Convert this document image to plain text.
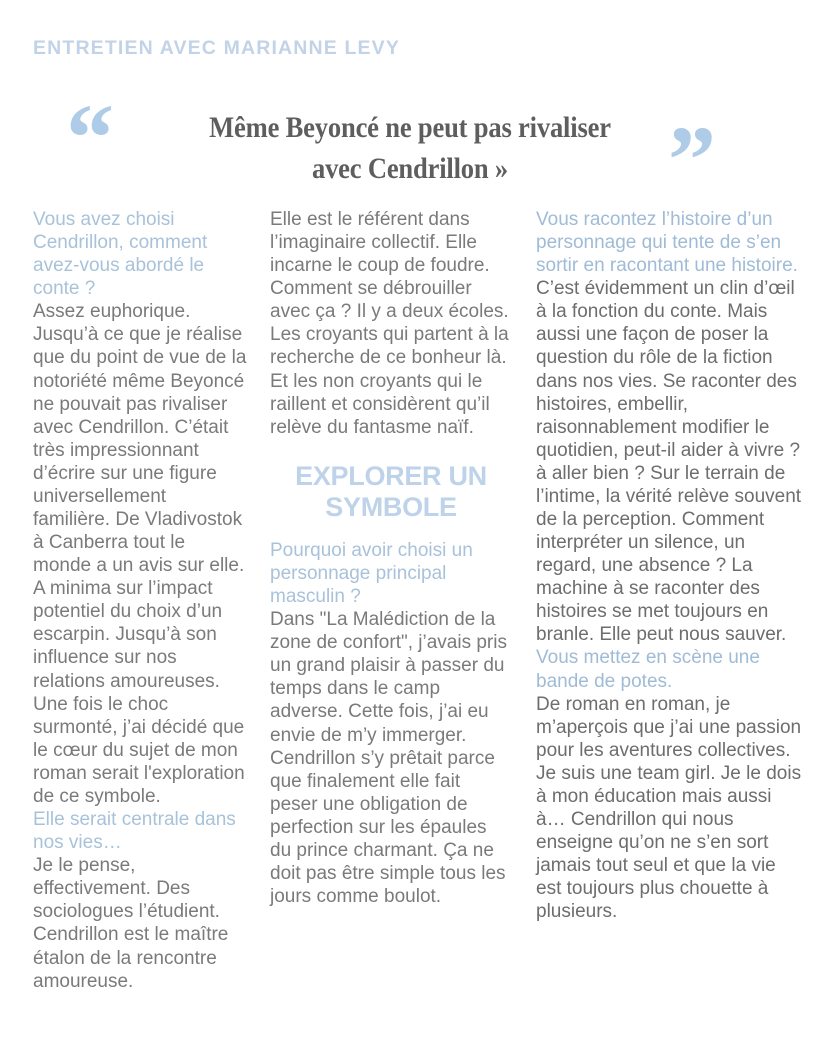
ENTRETIEN AVEC MARIANNE LEVY
“	Même Beyoncé ne peut pas rivaliser
avec Cendrillon »	”

Vous avez choisi Cendrillon, comment avez-vous abordé le conte ?

Assez euphorique. Jusqu’à ce que je réalise que du point de vue de la notoriété même Beyoncé ne pouvait pas rivaliser avec Cendrillon. C’était très impressionnant d’écrire sur une figure universellement familière. De Vladivostok à Canberra tout le monde a un avis sur elle. A minima sur l’impact potentiel du choix d’un escarpin. Jusqu’à son influence sur nos relations amoureuses. Une fois le choc surmonté, j’ai décidé que le cœur du sujet de mon roman serait l'exploration de ce symbole.

Elle serait centrale dans nos vies…

Je le pense, effectivement. Des sociologues l’étudient. Cendrillon est le maître étalon de la rencontre amoureuse.

Elle est le référent dans l’imaginaire collectif. Elle incarne le coup de foudre. Comment se débrouiller avec ça ? Il y a deux écoles. Les croyants qui partent à la recherche de ce bonheur là. Et les non croyants qui le raillent et considèrent qu’il relève du fantasme naïf.

EXPLORER UN SYMBOLE

Pourquoi avoir choisi un personnage principal masculin ?

Dans "La Malédiction de la zone de confort", j’avais pris un grand plaisir à passer du temps dans le camp adverse. Cette fois, j’ai eu envie de m’y immerger. Cendrillon s’y prêtait parce que finalement elle fait peser une obligation de perfection sur les épaules du prince charmant. Ça ne doit pas être simple tous les jours comme boulot.

Vous racontez l’histoire d’un personnage qui tente de s’en sortir en racontant une histoire.

C’est évidemment un clin d’œil à la fonction du conte. Mais aussi une façon de poser la question du rôle de la fiction dans nos vies. Se raconter des histoires, embellir, raisonnablement modifier le quotidien, peut-il aider à vivre ? à aller bien ? Sur le terrain de l’intime, la vérité relève souvent de la perception. Comment interpréter un silence, un regard, une absence ? La machine à se raconter des histoires se met toujours en branle. Elle peut nous sauver.

Vous mettez en scène une bande de potes.

De roman en roman, je m’aperçois que j’ai une passion pour les aventures collectives. Je suis une team girl. Je le dois à mon éducation mais aussi à… Cendrillon qui nous enseigne qu’on ne s’en sort jamais tout seul et que la vie est toujours plus chouette à plusieurs.
